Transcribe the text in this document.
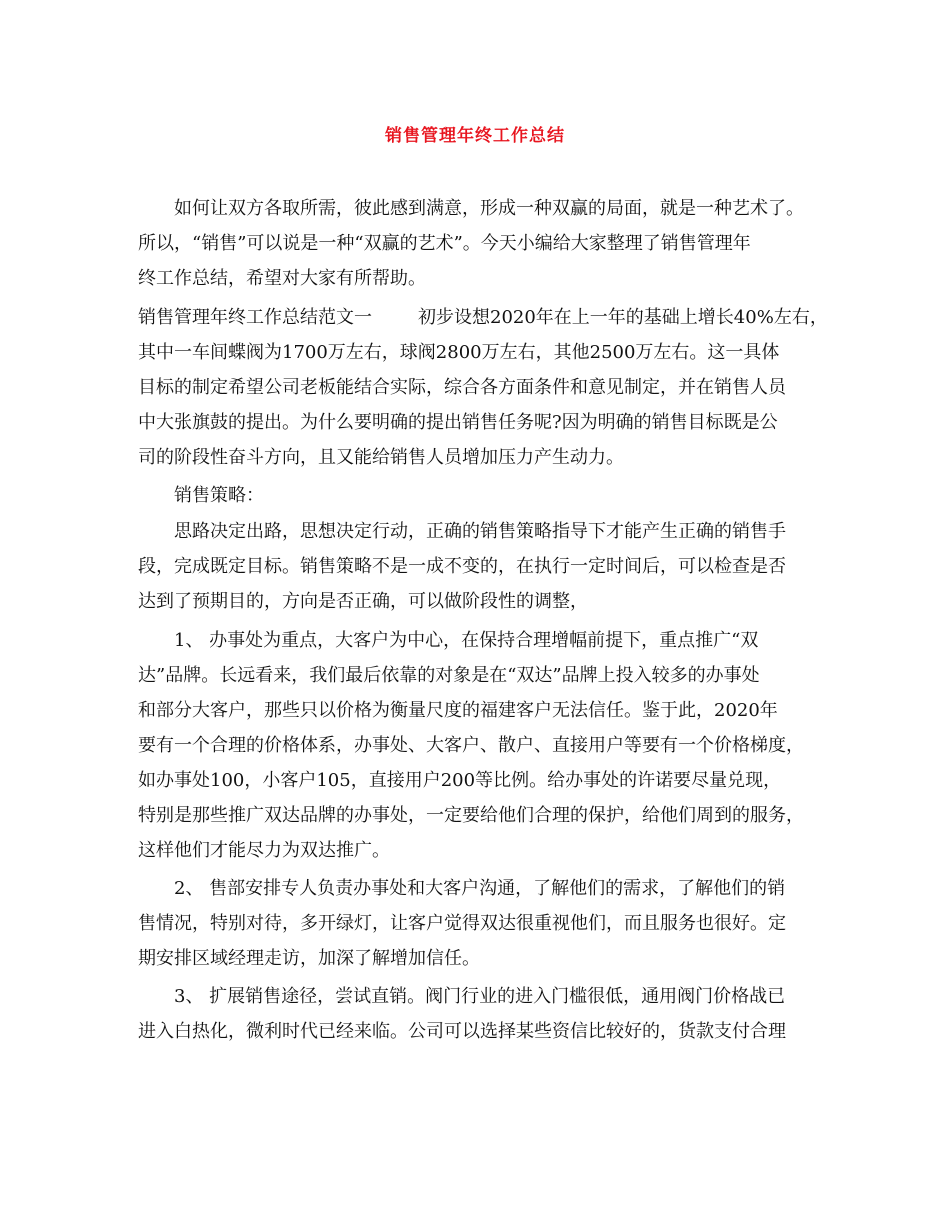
销售管理年终工作总结
如何让双方各取所需，彼此感到满意，形成一种双赢的局面，就是一种艺术了。
所以，“销售”可以说是一种“双赢的艺术”。今天小编给大家整理了销售管理年
终工作总结，希望对大家有所帮助。
销售管理年终工作总结范文一	初步设想2020年在上一年的基础上增长40%左右，
其中一车间蝶阀为1700万左右，球阀2800万左右，其他2500万左右。这一具体
目标的制定希望公司老板能结合实际，综合各方面条件和意见制定，并在销售人员
中大张旗鼓的提出。为什么要明确的提出销售任务呢?因为明确的销售目标既是公
司的阶段性奋斗方向，且又能给销售人员增加压力产生动力。
销售策略：
思路决定出路，思想决定行动，正确的销售策略指导下才能产生正确的销售手
段，完成既定目标。销售策略不是一成不变的，在执行一定时间后，可以检查是否
达到了预期目的，方向是否正确，可以做阶段性的调整，
1、 办事处为重点，大客户为中心，在保持合理增幅前提下，重点推广“双
达”品牌。长远看来，我们最后依靠的对象是在“双达”品牌上投入较多的办事处
和部分大客户，那些只以价格为衡量尺度的福建客户无法信任。鉴于此，2020年
要有一个合理的价格体系，办事处、大客户、散户、直接用户等要有一个价格梯度，
如办事处100，小客户105，直接用户200等比例。给办事处的许诺要尽量兑现，
特别是那些推广双达品牌的办事处，一定要给他们合理的保护，给他们周到的服务，
这样他们才能尽力为双达推广。
2、 售部安排专人负责办事处和大客户沟通，了解他们的需求，了解他们的销
售情况，特别对待，多开绿灯，让客户觉得双达很重视他们，而且服务也很好。定
期安排区域经理走访，加深了解增加信任。
3、 扩展销售途径，尝试直销。阀门行业的进入门槛很低，通用阀门价格战已
进入白热化，微利时代已经来临。公司可以选择某些资信比较好的，货款支付合理
